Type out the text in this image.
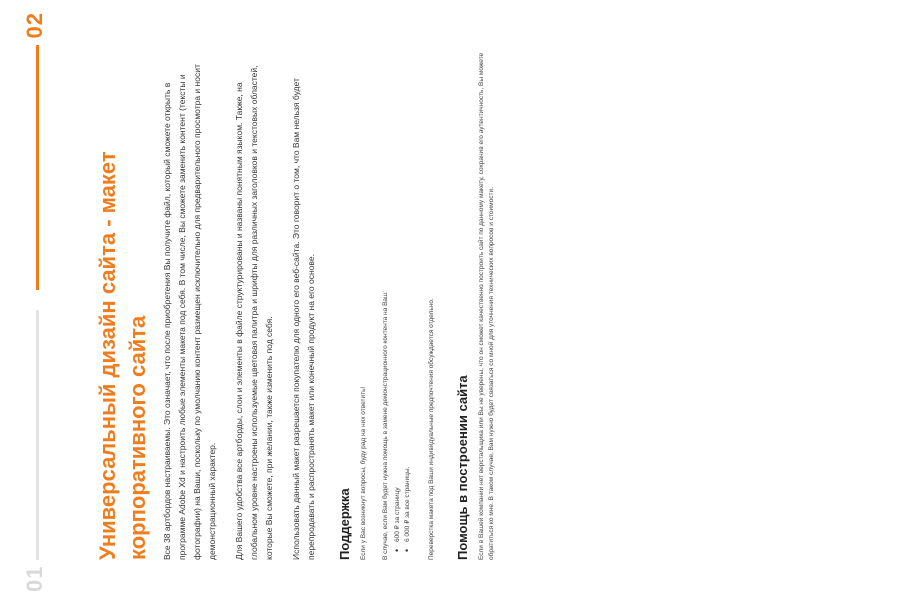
01
02
Универсальный дизайн сайта - макет корпоративного сайта	Все 38 артбордов настраиваемы. Это означает, что после приобретения Вы получите файл, который сможете открыть в программе Adobe Xd и настроить любые элементы макета под себя. В том числе, Вы сможете заменить контент (тексты и фотографии) на Ваши, поскольку по умолчанию контент размещен исключительно для предварительного просмотра и носит демонстрационный характер.	Для Вашего удобства все артборды, слои и элементы в файле структурированы и названы понятным языком. Также, на глобальном уровне настроены используемые цветовая палитра и шрифты для различных заголовков и текстовых областей, которые Вы сможете, при желании, также изменить под себя.	Использовать данный макет разрешается покупателю для одного его веб-сайта. Это говорит о том, что Вам нельзя будет перепродавать и распространять макет или конечный продукт на его основе. Поддержка Если у Вас возникнут вопросы, буду рад на них ответить!	В случае, если Вам будет нужна помощь в замене демонстрационного контента на Ваш: • 600 ₽ за страницу • 6 000 ₽ за все страницы.	Переверстка макета под Ваши индивидуальные предпочтения обсуждается отдельно. Помощь в построении сайта Если в Вашей компании нет верстальщика или Вы не уверены, что он сможет качественно построить сайт по данному макету, сохранив его аутентичность, Вы можете обратиться ко мне. В таком случае, Вам нужно будет связаться со мной для уточнения технических вопросов и стоимости.
